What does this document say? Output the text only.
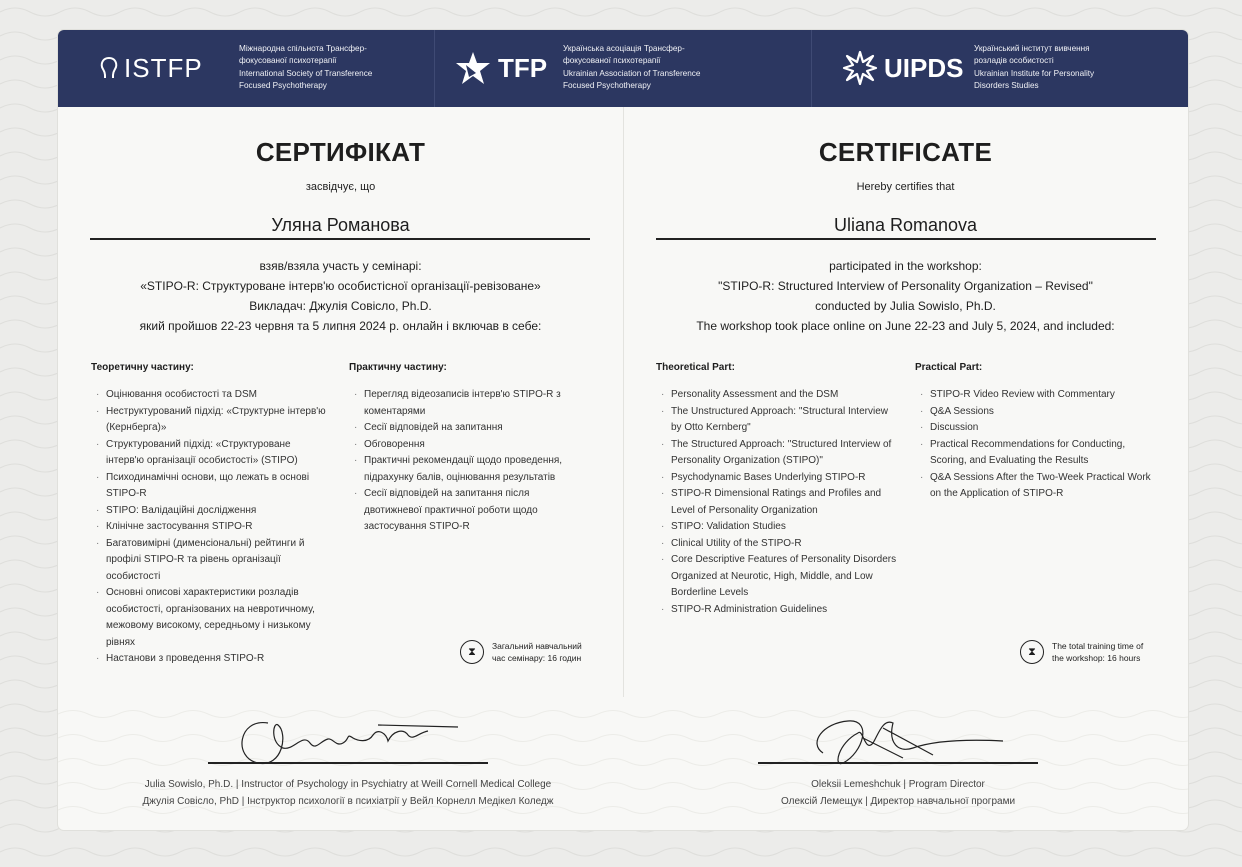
ISTFP
Міжнародна спільнота Трансфер-
фокусованої психотерапії
International Society of Transference
Focused Psychotherapy
TFP
Українська асоціація Трансфер-
фокусованої психотерапії
Ukrainian Association of Transference
Focused Psychotherapy
UIPDS
Український інститут вивчення
розладів особистості
Ukrainian Institute for Personality
Disorders Studies
СЕРТИФІКАТ
засвідчує, що
Уляна Романова
взяв/взяла участь у семінарі:
«STIPO-R: Структуроване інтерв'ю особистісної організації-ревізоване»
Викладач: Джулія Совісло, Ph.D.
який пройшов 22-23 червня та 5 липня 2024 р. онлайн і включав в себе:
Теоретичну частину:
· Оцінювання особистості та DSM
· Неструктурований підхід: «Структурне інтерв'ю (Кернберга)»
· Структурований підхід: «Структуроване інтерв'ю організації особистості» (STIPO)
· Психодинамічні основи, що лежать в основі STIPO-R
· STIPO: Валідаційні дослідження
· Клінічне застосування STIPO-R
· Багатовимірні (дименсіональні) рейтинги й профілі STIPO-R та рівень організації особистості
· Основні описові характеристики розладів особистості, організованих на невротичному, межовому високому, середньому і низькому рівнях
· Настанови з проведення STIPO-R
Практичну частину:
· Перегляд відеозаписів інтерв'ю STIPO-R з коментарями
· Сесії відповідей на запитання
· Обговорення
· Практичні рекомендації щодо проведення, підрахунку балів, оцінювання результатів
· Сесії відповідей на запитання після двотижневої практичної роботи щодо застосування STIPO-R
⧗	Загальний навчальний
час семінару: 16 годин
CERTIFICATE
Hereby certifies that
Uliana Romanova
participated in the workshop:
"STIPO-R: Structured Interview of Personality Organization – Revised"
conducted by Julia Sowislo, Ph.D.
The workshop took place online on June 22-23 and July 5, 2024, and included:
Theoretical Part:
· Personality Assessment and the DSM
· The Unstructured Approach: "Structural Interview by Otto Kernberg"
· The Structured Approach: "Structured Interview of Personality Organization (STIPO)"
· Psychodynamic Bases Underlying STIPO-R
· STIPO-R Dimensional Ratings and Profiles and Level of Personality Organization
· STIPO: Validation Studies
· Clinical Utility of the STIPO-R
· Core Descriptive Features of Personality Disorders Organized at Neurotic, High, Middle, and Low Borderline Levels
· STIPO-R Administration Guidelines
Practical Part:
· STIPO-R Video Review with Commentary
· Q&A Sessions
· Discussion
· Practical Recommendations for Conducting, Scoring, and Evaluating the Results
· Q&A Sessions After the Two-Week Practical Work on the Application of STIPO-R
⧗	The total training time of
the workshop: 16 hours
Julia Sowislo, Ph.D. | Instructor of Psychology in Psychiatry at Weill Cornell Medical College
Джулія Совісло, PhD | Інструктор психології в психіатрії у Вейл Корнелл Медікел Коледж
Oleksii Lemeshchuk | Program Director
Олексій Лемещук | Директор навчальної програми
